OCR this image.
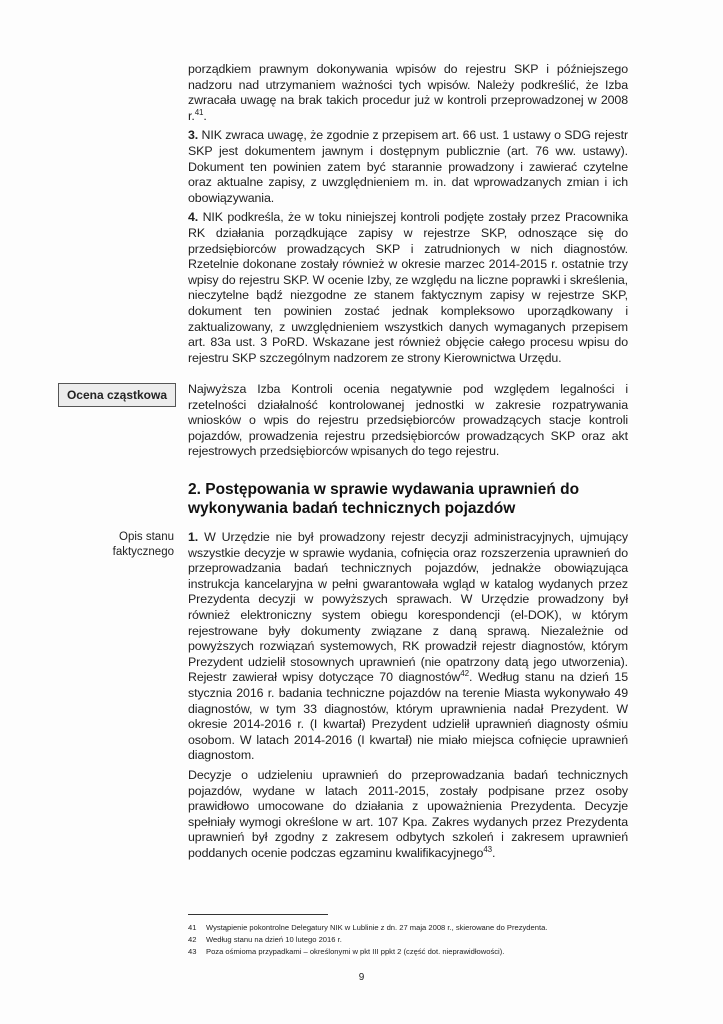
porządkiem prawnym dokonywania wpisów do rejestru SKP i późniejszego nadzoru nad utrzymaniem ważności tych wpisów. Należy podkreślić, że Izba zwracała uwagę na brak takich procedur już w kontroli przeprowadzonej w 2008 r.$^{41}$.

3. NIK zwraca uwagę, że zgodnie z przepisem art. 66 ust. 1 ustawy o SDG rejestr SKP jest dokumentem jawnym i dostępnym publicznie (art. 76 ww. ustawy). Dokument ten powinien zatem być starannie prowadzony i zawierać czytelne oraz aktualne zapisy, z uwzględnieniem m. in. dat wprowadzanych zmian i ich obowiązywania.

4. NIK podkreśla, że w toku niniejszej kontroli podjęte zostały przez Pracownika RK działania porządkujące zapisy w rejestrze SKP, odnoszące się do przedsiębiorców prowadzących SKP i zatrudnionych w nich diagnostów. Rzetelnie dokonane zostały również w okresie marzec 2014-2015 r. ostatnie trzy wpisy do rejestru SKP. W ocenie Izby, ze względu na liczne poprawki i skreślenia, nieczytelne bądź niezgodne ze stanem faktycznym zapisy w rejestrze SKP, dokument ten powinien zostać jednak kompleksowo uporządkowany i zaktualizowany, z uwzględnieniem wszystkich danych wymaganych przepisem art. 83a ust. 3 PoRD. Wskazane jest również objęcie całego procesu wpisu do rejestru SKP szczególnym nadzorem ze strony Kierownictwa Urzędu.

Ocena cząstkowa	Najwyższa Izba Kontroli ocenia negatywnie pod względem legalności i rzetelności działalność kontrolowanej jednostki w zakresie rozpatrywania wniosków o wpis do rejestru przedsiębiorców prowadzących stacje kontroli pojazdów, prowadzenia rejestru przedsiębiorców prowadzących SKP oraz akt rejestrowych przedsiębiorców wpisanych do tego rejestru.

2. Postępowania w sprawie wydawania uprawnień do wykonywania badań technicznych pojazdów
Opis stanu
faktycznego

1. W Urzędzie nie był prowadzony rejestr decyzji administracyjnych, ujmujący wszystkie decyzje w sprawie wydania, cofnięcia oraz rozszerzenia uprawnień do przeprowadzania badań technicznych pojazdów, jednakże obowiązująca instrukcja kancelaryjna w pełni gwarantowała wgląd w katalog wydanych przez Prezydenta decyzji w powyższych sprawach. W Urzędzie prowadzony był również elektroniczny system obiegu korespondencji (el-DOK), w którym rejestrowane były dokumenty związane z daną sprawą. Niezależnie od powyższych rozwiązań systemowych, RK prowadził rejestr diagnostów, którym Prezydent udzielił stosownych uprawnień (nie opatrzony datą jego utworzenia). Rejestr zawierał wpisy dotyczące 70 diagnostów$^{42}$. Według stanu na dzień 15 stycznia 2016 r. badania techniczne pojazdów na terenie Miasta wykonywało 49 diagnostów, w tym 33 diagnostów, którym uprawnienia nadał Prezydent. W okresie 2014-2016 r. (I kwartał) Prezydent udzielił uprawnień diagnosty ośmiu osobom. W latach 2014-2016 (I kwartał) nie miało miejsca cofnięcie uprawnień diagnostom.

Decyzje o udzieleniu uprawnień do przeprowadzania badań technicznych pojazdów, wydane w latach 2011-2015, zostały podpisane przez osoby prawidłowo umocowane do działania z upoważnienia Prezydenta. Decyzje spełniały wymogi określone w art. 107 Kpa. Zakres wydanych przez Prezydenta uprawnień był zgodny z zakresem odbytych szkoleń i zakresem uprawnień poddanych ocenie podczas egzaminu kwalifikacyjnego$^{43}$.

41	Wystąpienie pokontrolne Delegatury NIK w Lublinie z dn. 27 maja 2008 r., skierowane do Prezydenta.
42	Według stanu na dzień 10 lutego 2016 r.
43	Poza ośmioma przypadkami – określonymi w pkt III ppkt 2 (część dot. nieprawidłowości).
9
